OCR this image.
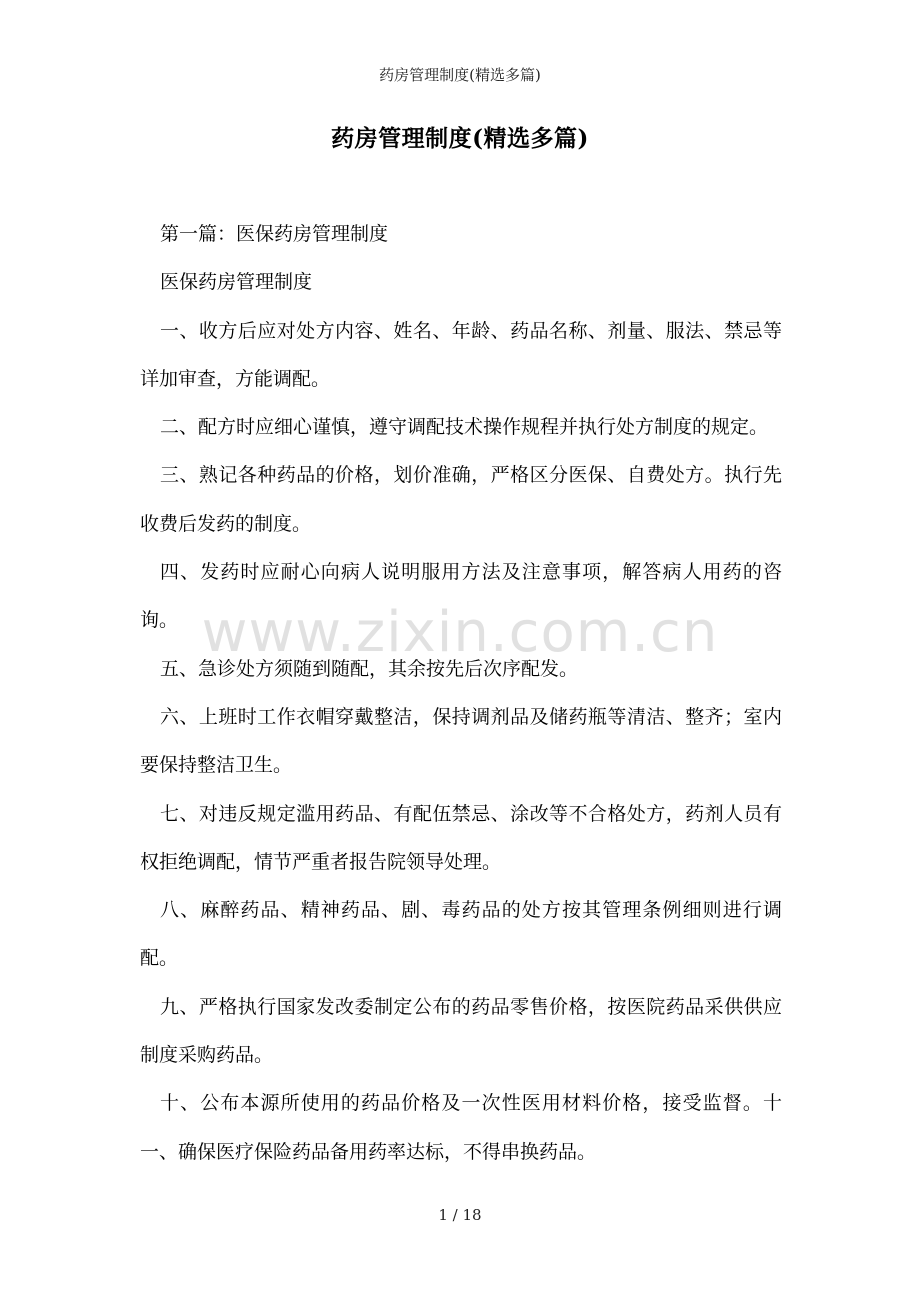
药房管理制度(精选多篇)
药房管理制度(精选多篇)

第一篇：医保药房管理制度

医保药房管理制度

一、收方后应对处方内容、姓名、年龄、药品名称、剂量、服法、禁忌等详加审查，方能调配。

二、配方时应细心谨慎，遵守调配技术操作规程并执行处方制度的规定。

三、熟记各种药品的价格，划价准确，严格区分医保、自费处方。执行先收费后发药的制度。

四、发药时应耐心向病人说明服用方法及注意事项，解答病人用药的咨询。

五、急诊处方须随到随配，其余按先后次序配发。

六、上班时工作衣帽穿戴整洁，保持调剂品及储药瓶等清洁、整齐；室内要保持整洁卫生。

七、对违反规定滥用药品、有配伍禁忌、涂改等不合格处方，药剂人员有权拒绝调配，情节严重者报告院领导处理。

八、麻醉药品、精神药品、剧、毒药品的处方按其管理条例细则进行调配。

九、严格执行国家发改委制定公布的药品零售价格，按医院药品采供供应制度采购药品。

十、公布本源所使用的药品价格及一次性医用材料价格，接受监督。十一、确保医疗保险药品备用药率达标，不得串换药品。

www.zixin.com.cn
1 / 18
